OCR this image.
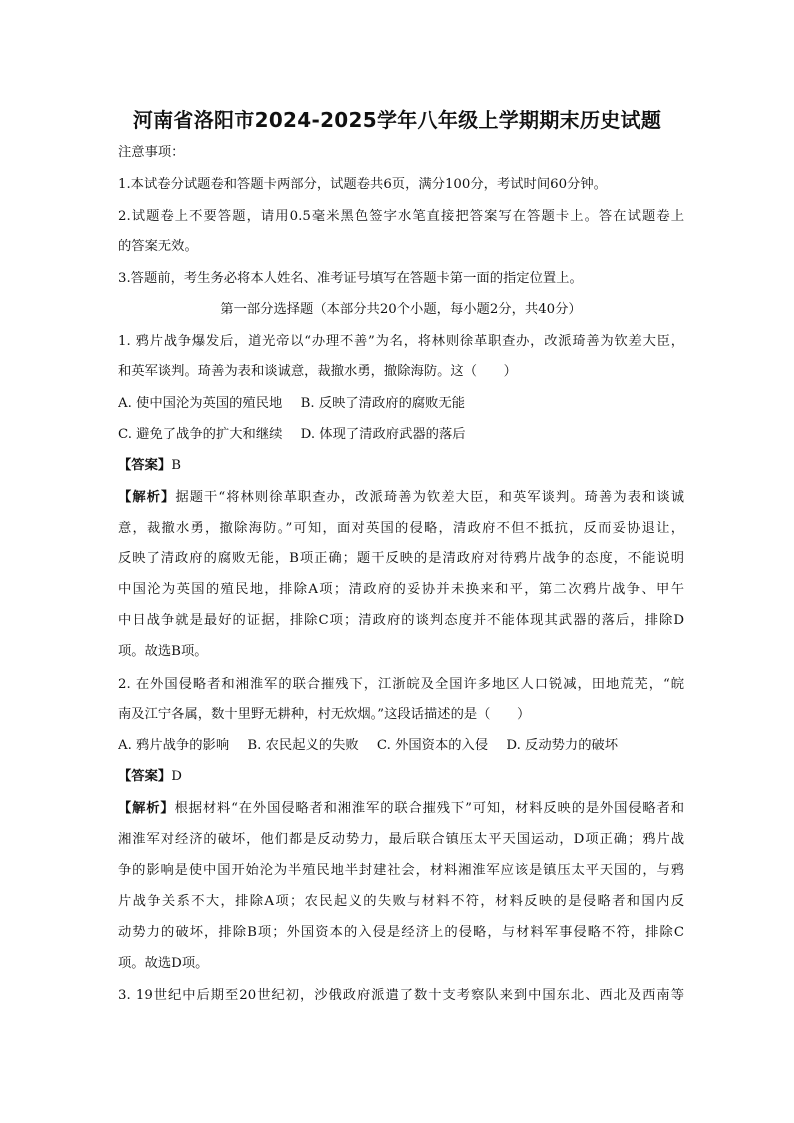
河南省洛阳市2024-2025学年八年级上学期期末历史试题
注意事项：
1.本试卷分试题卷和答题卡两部分，试题卷共6页，满分100分，考试时间60分钟。
2.试题卷上不要答题，请用0.5毫米黑色签字水笔直接把答案写在答题卡上。答在试题卷上
的答案无效。
3.答题前，考生务必将本人姓名、准考证号填写在答题卡第一面的指定位置上。
第一部分选择题（本部分共20个小题，每小题2分，共40分）
1. 鸦片战争爆发后，道光帝以“办理不善”为名，将林则徐革职查办，改派琦善为钦差大臣，
和英军谈判。琦善为表和谈诚意，裁撤水勇，撤除海防。这（　　）
A. 使中国沦为英国的殖民地 B. 反映了清政府的腐败无能
C. 避免了战争的扩大和继续 D. 体现了清政府武器的落后
【答案】B
【解析】据题干“将林则徐革职查办，改派琦善为钦差大臣，和英军谈判。琦善为表和谈诚
意，裁撤水勇，撤除海防。”可知，面对英国的侵略，清政府不但不抵抗，反而妥协退让，
反映了清政府的腐败无能，B项正确；题干反映的是清政府对待鸦片战争的态度，不能说明
中国沦为英国的殖民地，排除A项；清政府的妥协并未换来和平，第二次鸦片战争、甲午
中日战争就是最好的证据，排除C项；清政府的谈判态度并不能体现其武器的落后，排除D
项。故选B项。
2. 在外国侵略者和湘淮军的联合摧残下，江浙皖及全国许多地区人口锐减，田地荒芜，“皖
南及江宁各属，数十里野无耕种，村无炊烟。”这段话描述的是（　　）
A. 鸦片战争的影响 B. 农民起义的失败 C. 外国资本的入侵 D. 反动势力的破坏
【答案】D
【解析】根据材料“在外国侵略者和湘淮军的联合摧残下”可知，材料反映的是外国侵略者和
湘淮军对经济的破坏，他们都是反动势力，最后联合镇压太平天国运动，D项正确；鸦片战
争的影响是使中国开始沦为半殖民地半封建社会，材料湘淮军应该是镇压太平天国的，与鸦
片战争关系不大，排除A项；农民起义的失败与材料不符，材料反映的是侵略者和国内反
动势力的破坏，排除B项；外国资本的入侵是经济上的侵略，与材料军事侵略不符，排除C
项。故选D项。
3. 19世纪中后期至20世纪初，沙俄政府派遣了数十支考察队来到中国东北、西北及西南等
